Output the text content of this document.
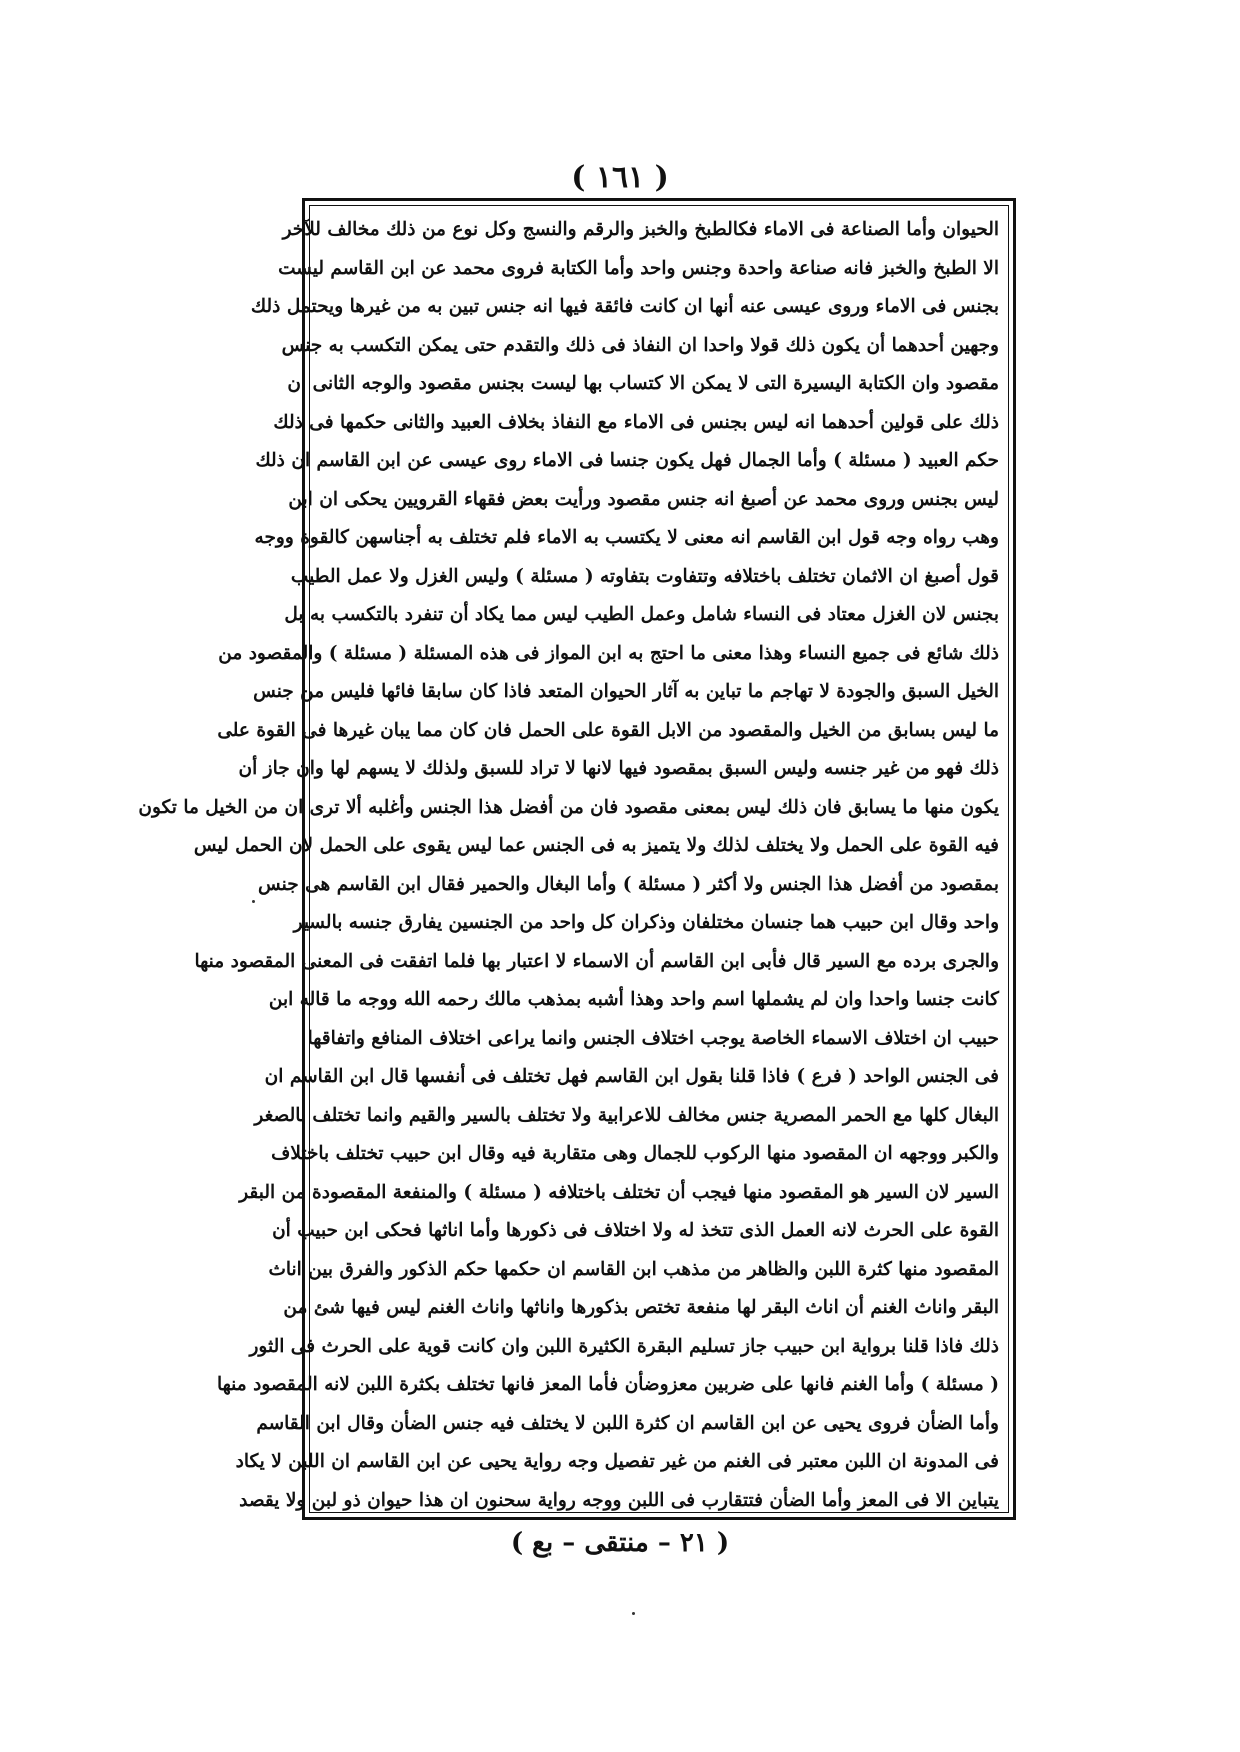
( ١٦١ )
الحيوان وأما الصناعة فى الاماء فكالطبخ والخبز والرقم والنسج وكل نوع من ذلك مخالف للآخر
الا الطبخ والخبز فانه صناعة واحدة وجنس واحد وأما الكتابة فروى محمد عن ابن القاسم ليست
بجنس فى الاماء وروى عيسى عنه أنها ان كانت فائقة فيها انه جنس تبين به من غيرها ويحتمل ذلك
وجهين أحدهما أن يكون ذلك قولا واحدا ان النفاذ فى ذلك والتقدم حتى يمكن التكسب به جنس
مقصود وان الكتابة اليسيرة التى لا يمكن الا كتساب بها ليست بجنس مقصود والوجه الثانى ان
ذلك على قولين أحدهما انه ليس بجنس فى الاماء مع النفاذ بخلاف العبيد والثانى حكمها فى ذلك
حكم العبيد ( مسئلة ) وأما الجمال فهل يكون جنسا فى الاماء روى عيسى عن ابن القاسم ان ذلك
ليس بجنس وروى محمد عن أصبغ انه جنس مقصود ورأيت بعض فقهاء القرويين يحكى ان ابن
وهب رواه وجه قول ابن القاسم انه معنى لا يكتسب به الاماء فلم تختلف به أجناسهن كالقوة ووجه
قول أصبغ ان الاثمان تختلف باختلافه وتتفاوت بتفاوته ( مسئلة ) وليس الغزل ولا عمل الطيب
بجنس لان الغزل معتاد فى النساء شامل وعمل الطيب ليس مما يكاد أن تنفرد بالتكسب به بل
ذلك شائع فى جميع النساء وهذا معنى ما احتج به ابن المواز فى هذه المسئلة ( مسئلة ) والمقصود من
الخيل السبق والجودة لا تهاجم ما تباين به آثار الحيوان المتعد فاذا كان سابقا فائها فليس من جنس
ما ليس بسابق من الخيل والمقصود من الابل القوة على الحمل فان كان مما يبان غيرها فى القوة على
ذلك فهو من غير جنسه وليس السبق بمقصود فيها لانها لا تراد للسبق ولذلك لا يسهم لها وان جاز أن
يكون منها ما يسابق فان ذلك ليس بمعنى مقصود فان من أفضل هذا الجنس وأغلبه ألا ترى ان من الخيل ما تكون
فيه القوة على الحمل ولا يختلف لذلك ولا يتميز به فى الجنس عما ليس يقوى على الحمل لان الحمل ليس
بمقصود من أفضل هذا الجنس ولا أكثر ( مسئلة ) وأما البغال والحمير فقال ابن القاسم هى جنس
واحد وقال ابن حبيب هما جنسان مختلفان وذكران كل واحد من الجنسين يفارق جنسه بالسير
والجرى برده مع السير قال فأبى ابن القاسم أن الاسماء لا اعتبار بها فلما اتفقت فى المعنى المقصود منها
كانت جنسا واحدا وان لم يشملها اسم واحد وهذا أشبه بمذهب مالك رحمه الله ووجه ما قاله ابن
حبيب ان اختلاف الاسماء الخاصة يوجب اختلاف الجنس وانما يراعى اختلاف المنافع واتفاقها
فى الجنس الواحد ( فرع ) فاذا قلنا بقول ابن القاسم فهل تختلف فى أنفسها قال ابن القاسم ان
البغال كلها مع الحمر المصرية جنس مخالف للاعرابية ولا تختلف بالسير والقيم وانما تختلف بالصغر
والكبر ووجهه ان المقصود منها الركوب للجمال وهى متقاربة فيه وقال ابن حبيب تختلف باختلاف
السير لان السير هو المقصود منها فيجب أن تختلف باختلافه ( مسئلة ) والمنفعة المقصودة من البقر
القوة على الحرث لانه العمل الذى تتخذ له ولا اختلاف فى ذكورها وأما اناثها فحكى ابن حبيب أن
المقصود منها كثرة اللبن والظاهر من مذهب ابن القاسم ان حكمها حكم الذكور والفرق بين اناث
البقر واناث الغنم أن اناث البقر لها منفعة تختص بذكورها واناثها واناث الغنم ليس فيها شئ من
ذلك فاذا قلنا برواية ابن حبيب جاز تسليم البقرة الكثيرة اللبن وان كانت قوية على الحرث فى الثور
( مسئلة ) وأما الغنم فانها على ضربين معزوضأن فأما المعز فانها تختلف بكثرة اللبن لانه المقصود منها
وأما الضأن فروى يحيى عن ابن القاسم ان كثرة اللبن لا يختلف فيه جنس الضأن وقال ابن القاسم
فى المدونة ان اللبن معتبر فى الغنم من غير تفصيل وجه رواية يحيى عن ابن القاسم ان اللبن لا يكاد
يتباين الا فى المعز وأما الضأن فتتقارب فى اللبن ووجه رواية سحنون ان هذا حيوان ذو لبن ولا يقصد
( ٢١ – منتقى – بع )
